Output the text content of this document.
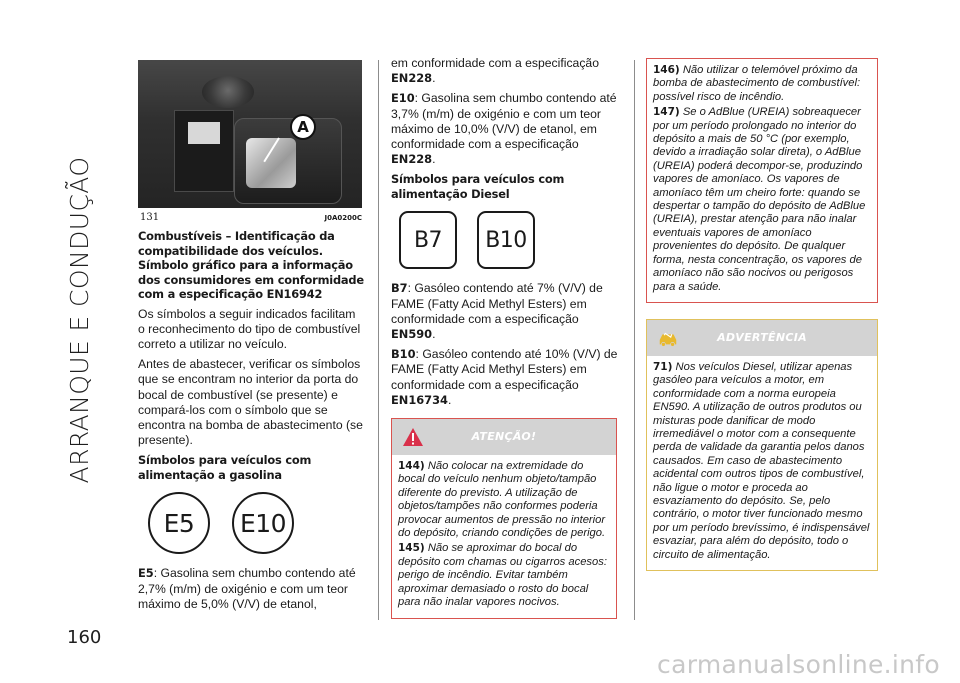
ARRANQUE E CONDUÇÃO
160
carmanualsonline.info
A
131	J0A0200C
Combustíveis – Identificação da compatibilidade dos veículos. Símbolo gráfico para a informação dos consumidores em conformidade com a especificação EN16942

Os símbolos a seguir indicados facilitam o reconhecimento do tipo de combustível correto a utilizar no veículo.

Antes de abastecer, verificar os símbolos que se encontram no interior da porta do bocal de combustível (se presente) e compará-los com o símbolo que se encontra na bomba de abastecimento (se presente).

Símbolos para veículos com alimentação a gasolina
E5	E10

E5: Gasolina sem chumbo contendo até 2,7% (m/m) de oxigénio e com um teor máximo de 5,0% (V/V) de etanol,

em conformidade com a especificação
EN228.

E10: Gasolina sem chumbo contendo até 3,7% (m/m) de oxigénio e com um teor máximo de 10,0% (V/V) de etanol, em conformidade com a especificação EN228.

Símbolos para veículos com alimentação Diesel
B7	B10

B7: Gasóleo contendo até 7% (V/V) de FAME (Fatty Acid Methyl Esters) em conformidade com a especificação EN590.

B10: Gasóleo contendo até 10% (V/V) de FAME (Fatty Acid Methyl Esters) em conformidade com a especificação EN16734.

ATENÇÃO!

144) Não colocar na extremidade do bocal do veículo nenhum objeto/tampão diferente do previsto. A utilização de objetos/tampões não conformes poderia provocar aumentos de pressão no interior do depósito, criando condições de perigo.

145) Não se aproximar do bocal do depósito com chamas ou cigarros acesos: perigo de incêndio. Evitar também aproximar demasiado o rosto do bocal para não inalar vapores nocivos.

146) Não utilizar o telemóvel próximo da bomba de abastecimento de combustível: possível risco de incêndio.

147) Se o AdBlue (UREIA) sobreaquecer por um período prolongado no interior do depósito a mais de 50 °C (por exemplo, devido a irradiação solar direta), o AdBlue (UREIA) poderá decompor-se, produzindo vapores de amoníaco. Os vapores de amoníaco têm um cheiro forte: quando se despertar o tampão do depósito de AdBlue (UREIA), prestar atenção para não inalar eventuais vapores de amoníaco provenientes do depósito. De qualquer forma, nesta concentração, os vapores de amoníaco não são nocivos ou perigosos para a saúde.

ADVERTÊNCIA

71) Nos veículos Diesel, utilizar apenas gasóleo para veículos a motor, em conformidade com a norma europeia EN590. A utilização de outros produtos ou misturas pode danificar de modo irremediável o motor com a consequente perda de validade da garantia pelos danos causados. Em caso de abastecimento acidental com outros tipos de combustível, não ligue o motor e proceda ao esvaziamento do depósito. Se, pelo contrário, o motor tiver funcionado mesmo por um período brevíssimo, é indispensável esvaziar, para além do depósito, todo o circuito de alimentação.
